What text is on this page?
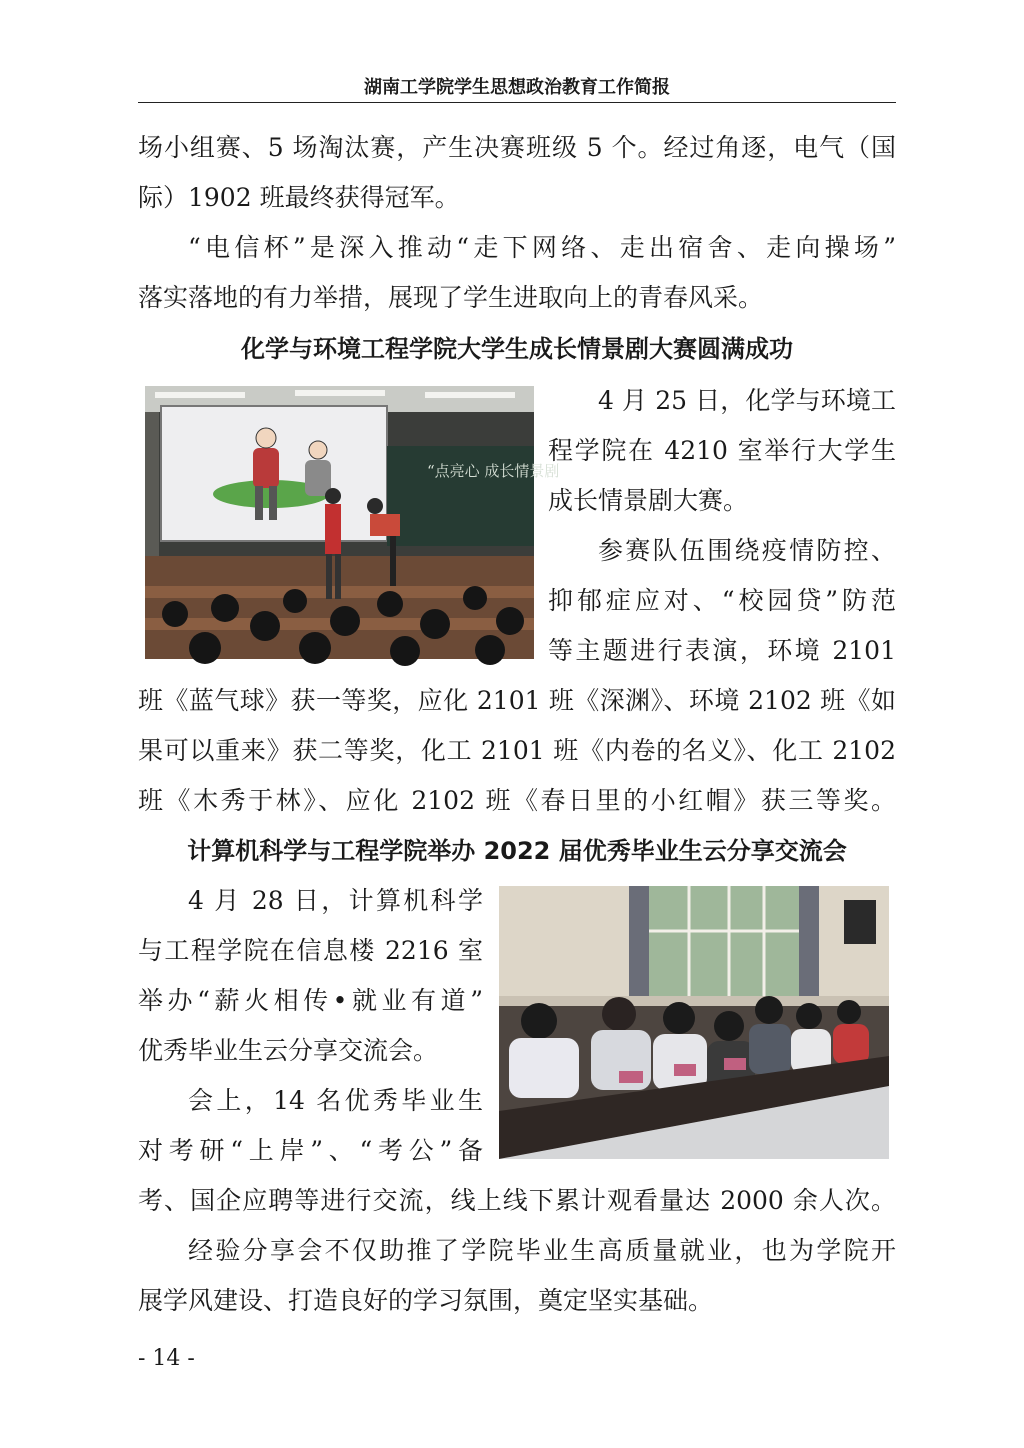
湖南工学院学生思想政治教育工作简报
场小组赛、5 场淘汰赛，产生决赛班级 5 个。经过角逐，电气（国
际）1902 班最终获得冠军。
“电信杯”是深入推动“走下网络、走出宿舍、走向操场”
落实落地的有力举措，展现了学生进取向上的青春风采。
化学与环境工程学院大学生成长情景剧大赛圆满成功
“点亮心 成长情景剧
4 月 25 日，化学与环境工
程学院在 4210 室举行大学生
成长情景剧大赛。
参赛队伍围绕疫情防控、
抑郁症应对、“校园贷”防范
等主题进行表演，环境 2101
班《蓝气球》获一等奖，应化 2101 班《深渊》、环境 2102 班《如
果可以重来》获二等奖，化工 2101 班《内卷的名义》、化工 2102
班《木秀于林》、应化 2102 班《春日里的小红帽》获三等奖。
计算机科学与工程学院举办 2022 届优秀毕业生云分享交流会
4 月 28 日，计算机科学
与工程学院在信息楼 2216 室
举办“薪火相传•就业有道”
优秀毕业生云分享交流会。
会上，14 名优秀毕业生
对考研“上岸”、“考公”备
考、国企应聘等进行交流，线上线下累计观看量达 2000 余人次。
经验分享会不仅助推了学院毕业生高质量就业，也为学院开
展学风建设、打造良好的学习氛围，奠定坚实基础。
- 14 -
